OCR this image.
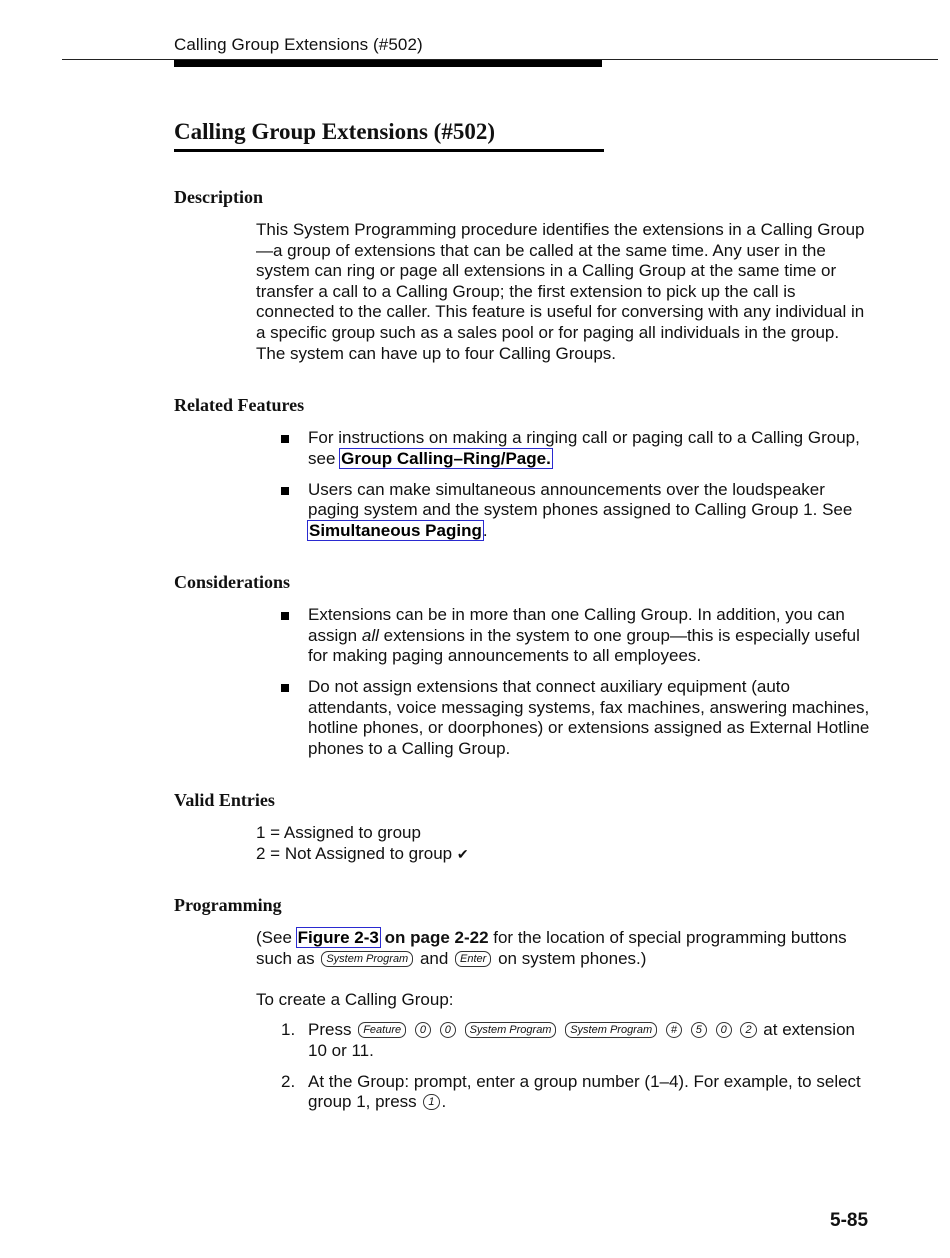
Calling Group Extensions (#502)
Calling Group Extensions (#502)
Description

This System Programming procedure identifies the extensions in a Calling Group—a group of extensions that can be called at the same time. Any user in the system can ring or page all extensions in a Calling Group at the same time or transfer a call to a Calling Group; the first extension to pick up the call is connected to the caller. This feature is useful for conversing with any individual in a specific group such as a sales pool or for paging all individuals in the group. The system can have up to four Calling Groups.

Related Features
For instructions on making a ringing call or paging call to a Calling Group, see Group Calling–Ring/Page.
Users can make simultaneous announcements over the loudspeaker paging system and the system phones assigned to Calling Group 1. See Simultaneous Paging.
Considerations
Extensions can be in more than one Calling Group. In addition, you can assign all extensions in the system to one group—this is especially useful for making paging announcements to all employees.
Do not assign extensions that connect auxiliary equipment (auto attendants, voice messaging systems, fax machines, answering machines, hotline phones, or doorphones) or extensions assigned as External Hotline phones to a Calling Group.
Valid Entries
1 = Assigned to group
2 = Not Assigned to group ✔
Programming

(See Figure 2-3 on page 2-22 for the location of special programming buttons such as System Program and Enter on system phones.)

To create a Calling Group:

1. Press Feature 0 0 System Program System Program # 5 0 2 at extension 10 or 11.
2. At the Group: prompt, enter a group number (1–4). For example, to select group 1, press 1 .
5-85
